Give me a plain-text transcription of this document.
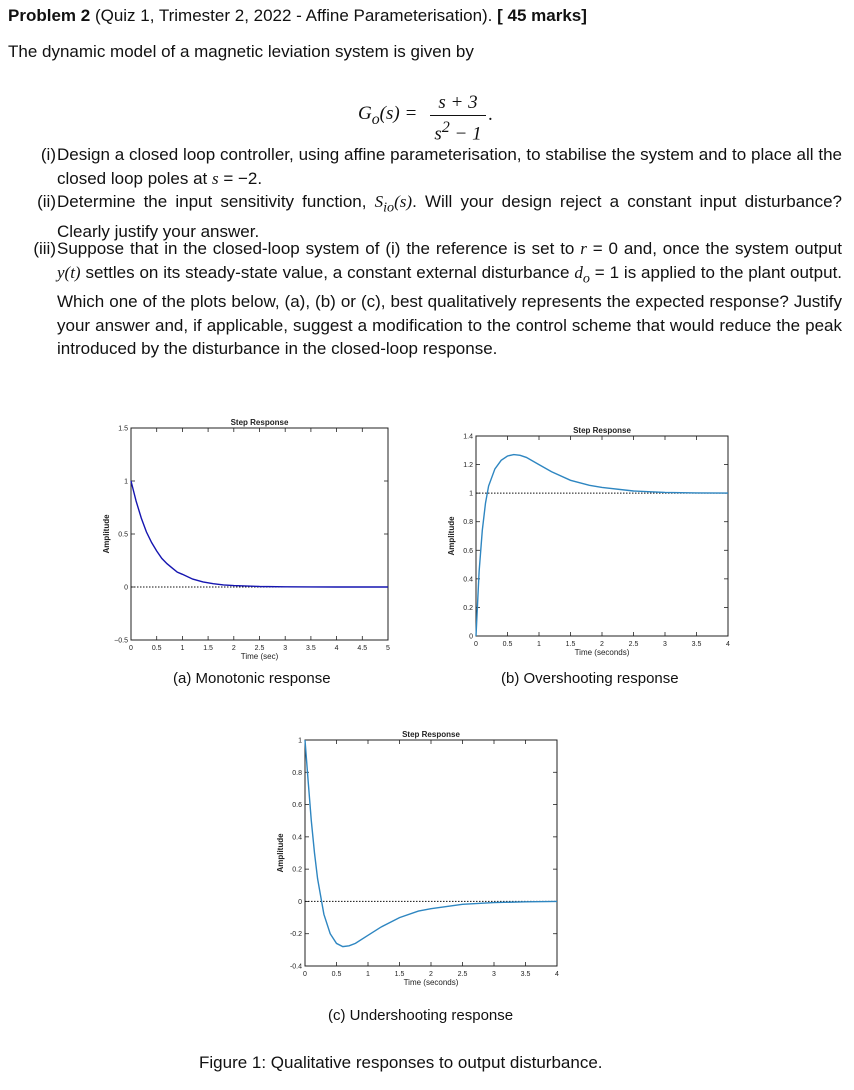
Problem 2 (Quiz 1, Trimester 2, 2022 - Affine Parameterisation). [ 45 marks]
The dynamic model of a magnetic leviation system is given by
$G_o(s)$ =
s + 3
$s^2 - 1$
.
(i) Design a closed loop controller, using affine parameterisation, to stabilise the system and to place all the closed loop poles at s = −2.
(ii) Determine the input sensitivity function, $S_{io}(s)$. Will your design reject a constant input disturbance? Clearly justify your answer.
(iii) Suppose that in the closed-loop system of (i) the reference is set to r = 0 and, once the system output y(t) settles on its steady-state value, a constant external disturbance $d_o = 1$ is applied to the plant output. Which one of the plots below, (a), (b) or (c), best qualitatively represents the expected response? Justify your answer and, if applicable, suggest a modification to the control scheme that would reduce the peak introduced by the disturbance in the closed-loop response.
0	0.5	1	1.5	2	2.5	3	3.5	4	4.5	5
−0.5
0
0.5
1
1.5
Step Response
Time (sec)
Amplitude
0	0.5	1	1.5	2	2.5	3	3.5	4
0
0.2
0.4
0.6
0.8
1
1.2
1.4
Step Response
Time (seconds)
Amplitude
0	0.5	1	1.5	2	2.5	3	3.5	4
-0.4
-0.2
0
0.2
0.4
0.6
0.8
1
Step Response
Time (seconds)
Amplitude
(a) Monotonic response	(b) Overshooting response
(c) Undershooting response
Figure 1: Qualitative responses to output disturbance.
